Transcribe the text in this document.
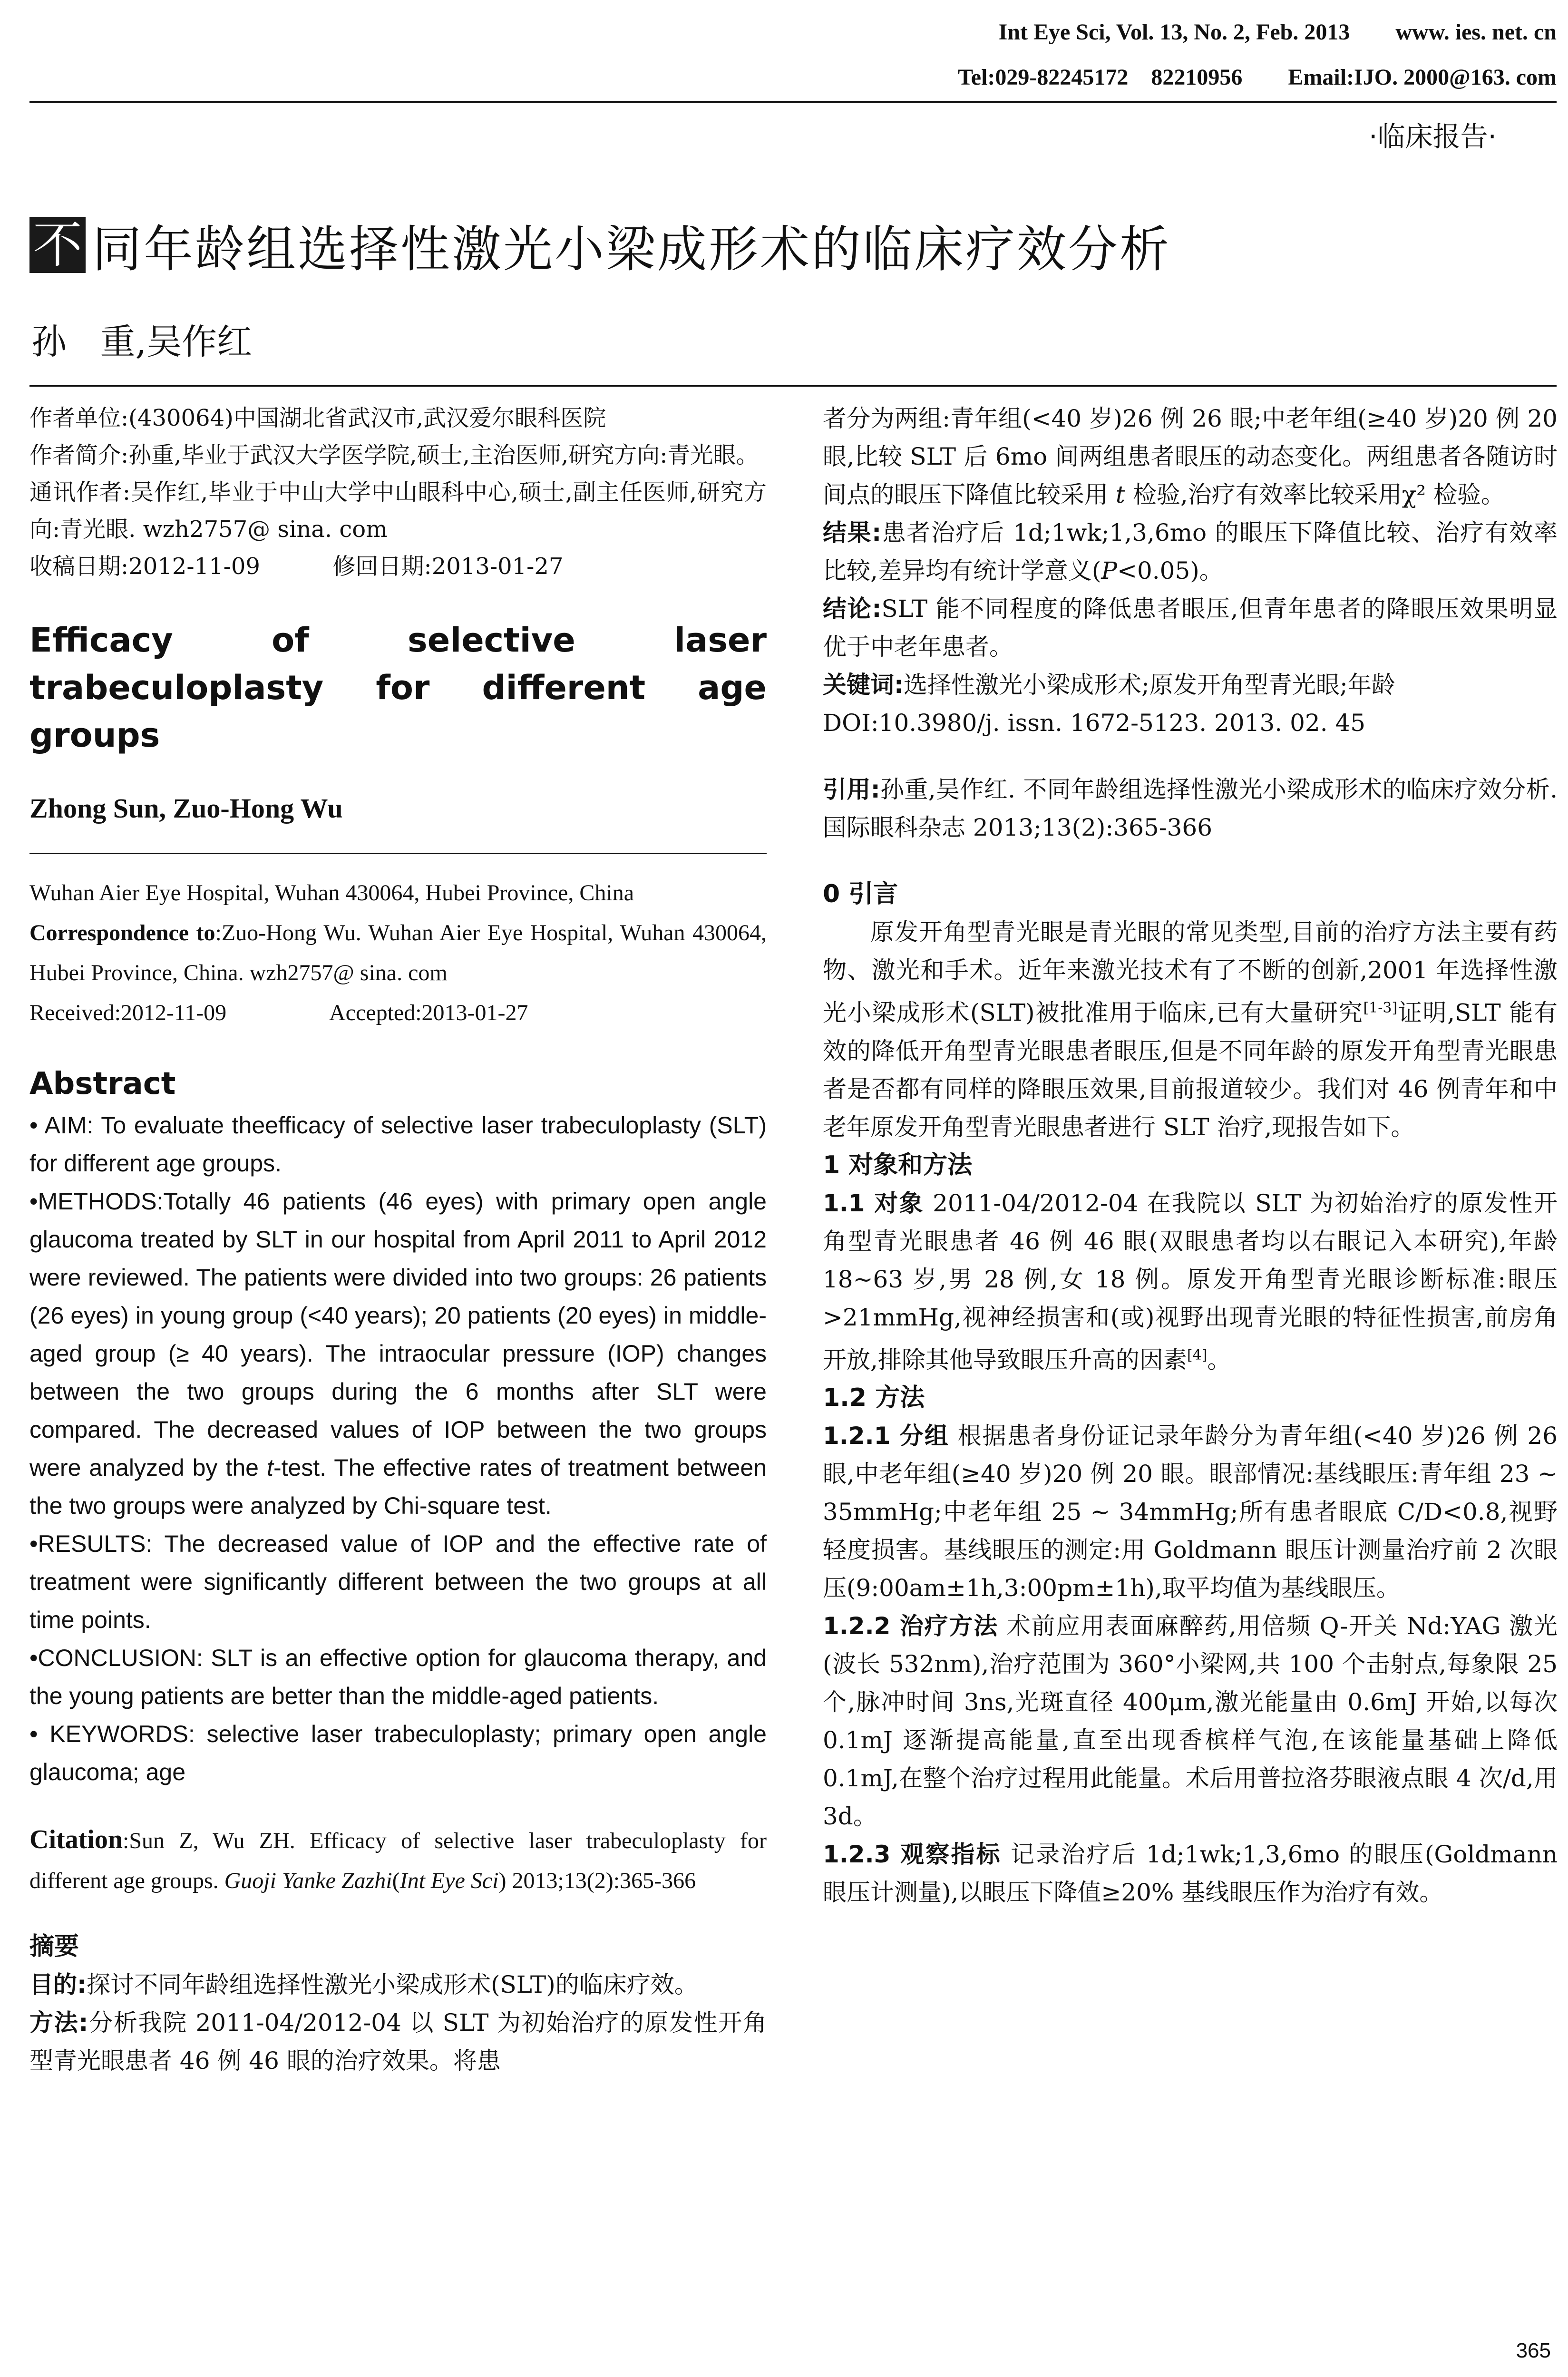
Int Eye Sci, Vol. 13, No. 2, Feb. 2013        www. ies. net. cn
Tel:029-82245172    82210956        Email:IJO. 2000@163. com
·临床报告·
不 同年龄组选择性激光小梁成形术的临床疗效分析
孙   重,吴作红

作者单位:(430064)中国湖北省武汉市,武汉爱尔眼科医院

作者简介:孙重,毕业于武汉大学医学院,硕士,主治医师,研究方向:青光眼。

通讯作者:吴作红,毕业于中山大学中山眼科中心,硕士,副主任医师,研究方向:青光眼. wzh2757@ sina. com

收稿日期:2012-11-09	修回日期:2013-01-27

Efficacy of selective laser trabeculoplasty for different age groups
Zhong Sun, Zuo-Hong Wu
Wuhan Aier Eye Hospital, Wuhan 430064, Hubei Province, China
Correspondence to:Zuo-Hong Wu. Wuhan Aier Eye Hospital, Wuhan 430064, Hubei Province, China. wzh2757@ sina. com
Received:2012-11-09	Accepted:2013-01-27
Abstract

• AIM: To evaluate theefficacy of selective laser trabeculoplasty (SLT) for different age groups.

•METHODS:Totally 46 patients (46 eyes) with primary open angle glaucoma treated by SLT in our hospital from April 2011 to April 2012 were reviewed. The patients were divided into two groups: 26 patients (26 eyes) in young group (<40 years); 20 patients (20 eyes) in middle-aged group (≥ 40 years). The intraocular pressure (IOP) changes between the two groups during the 6 months after SLT were compared. The decreased values of IOP between the two groups were analyzed by the t-test. The effective rates of treatment between the two groups were analyzed by Chi-square test.

•RESULTS: The decreased value of IOP and the effective rate of treatment were significantly different between the two groups at all time points.

•CONCLUSION: SLT is an effective option for glaucoma therapy, and the young patients are better than the middle-aged patients.

• KEYWORDS: selective laser trabeculoplasty; primary open angle glaucoma; age

Citation:Sun Z, Wu ZH. Efficacy of selective laser trabeculoplasty for different age groups. Guoji Yanke Zazhi(Int Eye Sci) 2013;13(2):365-366
摘要
目的:探讨不同年龄组选择性激光小梁成形术(SLT)的临床疗效。
方法:分析我院 2011-04/2012-04 以 SLT 为初始治疗的原发性开角型青光眼患者 46 例 46 眼的治疗效果。将患
者分为两组:青年组(<40 岁)26 例 26 眼;中老年组(≥40 岁)20 例 20 眼,比较 SLT 后 6mo 间两组患者眼压的动态变化。两组患者各随访时间点的眼压下降值比较采用 t 检验,治疗有效率比较采用χ² 检验。
结果:患者治疗后 1d;1wk;1,3,6mo 的眼压下降值比较、治疗有效率比较,差异均有统计学意义(P<0.05)。
结论:SLT 能不同程度的降低患者眼压,但青年患者的降眼压效果明显优于中老年患者。
关键词:选择性激光小梁成形术;原发开角型青光眼;年龄
DOI:10.3980/j. issn. 1672-5123. 2013. 02. 45
引用:孙重,吴作红. 不同年龄组选择性激光小梁成形术的临床疗效分析. 国际眼科杂志 2013;13(2):365-366

0 引言

原发开角型青光眼是青光眼的常见类型,目前的治疗方法主要有药物、激光和手术。近年来激光技术有了不断的创新,2001 年选择性激光小梁成形术(SLT)被批准用于临床,已有大量研究[1-3]证明,SLT 能有效的降低开角型青光眼患者眼压,但是不同年龄的原发开角型青光眼患者是否都有同样的降眼压效果,目前报道较少。我们对 46 例青年和中老年原发开角型青光眼患者进行 SLT 治疗,现报告如下。

1 对象和方法

1.1 对象 2011-04/2012-04 在我院以 SLT 为初始治疗的原发性开角型青光眼患者 46 例 46 眼(双眼患者均以右眼记入本研究),年龄 18~63 岁,男 28 例,女 18 例。原发开角型青光眼诊断标准:眼压>21mmHg,视神经损害和(或)视野出现青光眼的特征性损害,前房角开放,排除其他导致眼压升高的因素[4]。

1.2 方法

1.2.1 分组 根据患者身份证记录年龄分为青年组(<40 岁)26 例 26 眼,中老年组(≥40 岁)20 例 20 眼。眼部情况:基线眼压:青年组 23 ~ 35mmHg;中老年组 25 ~ 34mmHg;所有患者眼底 C/D<0.8,视野轻度损害。基线眼压的测定:用 Goldmann 眼压计测量治疗前 2 次眼压(9:00am±1h,3:00pm±1h),取平均值为基线眼压。
1.2.2 治疗方法 术前应用表面麻醉药,用倍频 Q-开关 Nd:YAG 激光(波长 532nm),治疗范围为 360°小梁网,共 100 个击射点,每象限 25 个,脉冲时间 3ns,光斑直径 400μm,激光能量由 0.6mJ 开始,以每次 0.1mJ 逐渐提高能量,直至出现香槟样气泡,在该能量基础上降低 0.1mJ,在整个治疗过程用此能量。术后用普拉洛芬眼液点眼 4 次/d,用 3d。
1.2.3 观察指标 记录治疗后 1d;1wk;1,3,6mo 的眼压(Goldmann 眼压计测量),以眼压下降值≥20% 基线眼压作为治疗有效。
365
